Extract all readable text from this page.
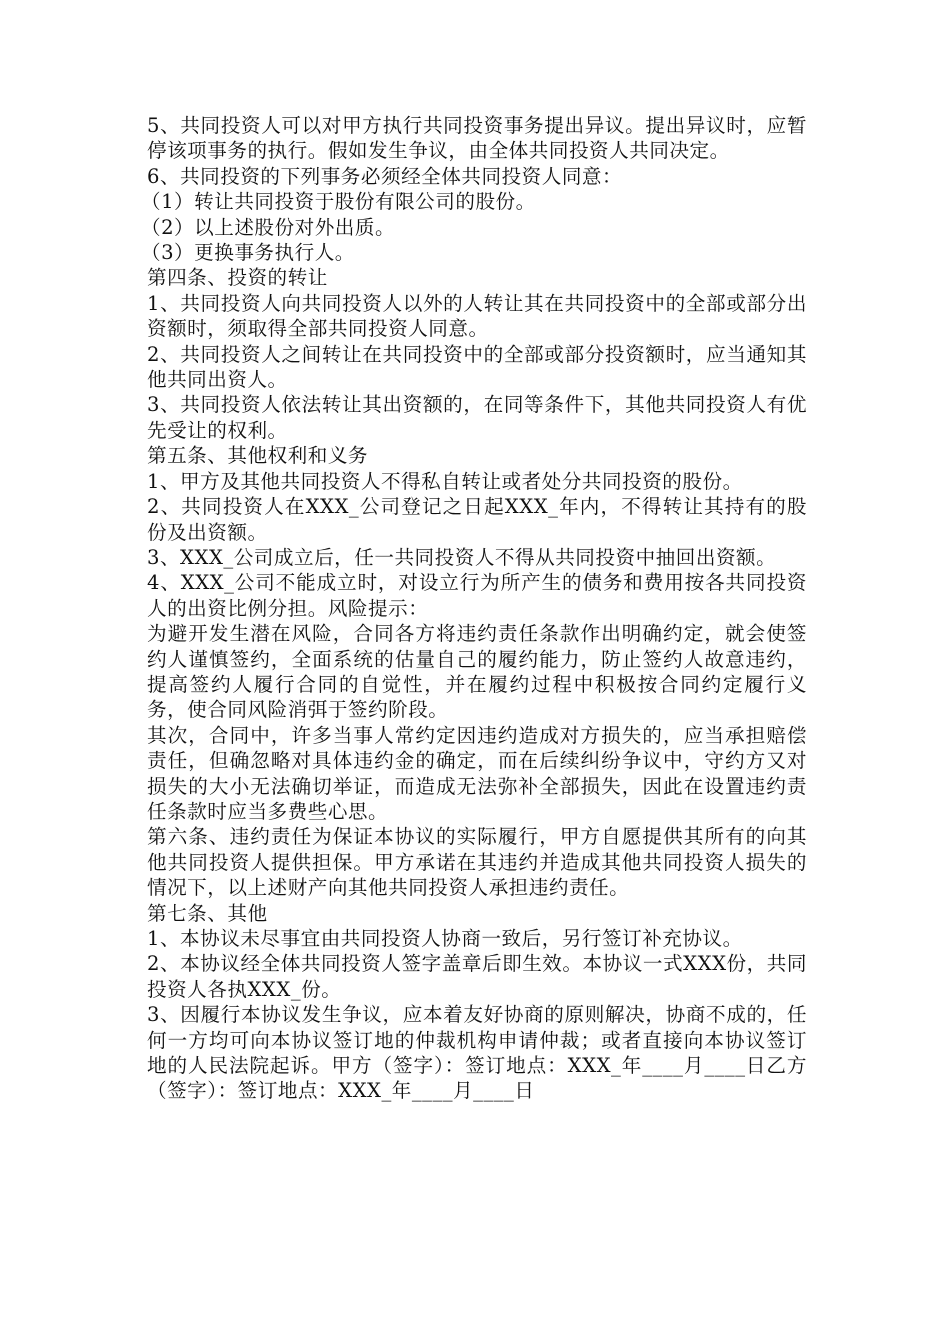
5、共同投资人可以对甲方执行共同投资事务提出异议。提出异议时，应暂停该项事务的执行。假如发生争议，由全体共同投资人共同决定。

6、共同投资的下列事务必须经全体共同投资人同意：

（1）转让共同投资于股份有限公司的股份。

（2）以上述股份对外出质。

（3）更换事务执行人。

第四条、投资的转让

1、共同投资人向共同投资人以外的人转让其在共同投资中的全部或部分出资额时，须取得全部共同投资人同意。

2、共同投资人之间转让在共同投资中的全部或部分投资额时，应当通知其他共同出资人。

3、共同投资人依法转让其出资额的，在同等条件下，其他共同投资人有优先受让的权利。

第五条、其他权利和义务

1、甲方及其他共同投资人不得私自转让或者处分共同投资的股份。

2、共同投资人在XXX_公司登记之日起XXX_年内，不得转让其持有的股份及出资额。

3、XXX_公司成立后，任一共同投资人不得从共同投资中抽回出资额。

4、XXX_公司不能成立时，对设立行为所产生的债务和费用按各共同投资人的出资比例分担。风险提示：

为避开发生潜在风险，合同各方将违约责任条款作出明确约定，就会使签约人谨慎签约，全面系统的估量自己的履约能力，防止签约人故意违约，提高签约人履行合同的自觉性，并在履约过程中积极按合同约定履行义务，使合同风险消弭于签约阶段。

其次，合同中，许多当事人常约定因违约造成对方损失的，应当承担赔偿责任，但确忽略对具体违约金的确定，而在后续纠纷争议中，守约方又对损失的大小无法确切举证，而造成无法弥补全部损失，因此在设置违约责任条款时应当多费些心思。

第六条、违约责任为保证本协议的实际履行，甲方自愿提供其所有的向其他共同投资人提供担保。甲方承诺在其违约并造成其他共同投资人损失的情况下，以上述财产向其他共同投资人承担违约责任。

第七条、其他

1、本协议未尽事宜由共同投资人协商一致后，另行签订补充协议。

2、本协议经全体共同投资人签字盖章后即生效。本协议一式XXX份，共同投资人各执XXX_份。

3、因履行本协议发生争议，应本着友好协商的原则解决，协商不成的，任何一方均可向本协议签订地的仲裁机构申请仲裁；或者直接向本协议签订地的人民法院起诉。甲方（签字）：签订地点：XXX_年____月____日乙方（签字）：签订地点：XXX_年____月____日
